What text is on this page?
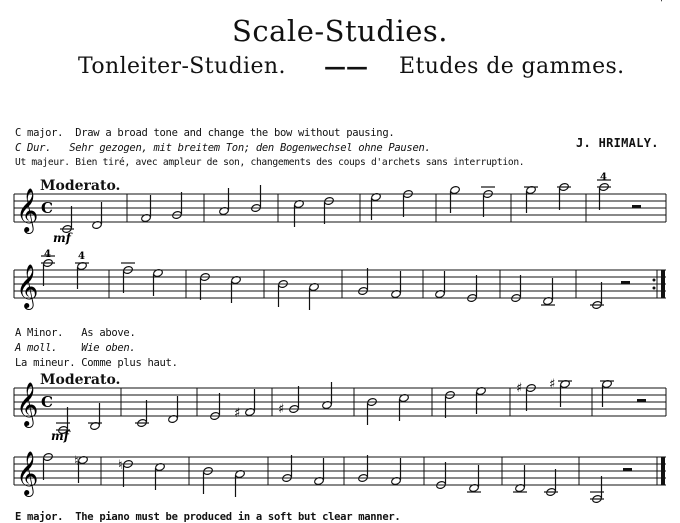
Scale-Studies.
Tonleiter-Studien. —— Etudes de gammes.
C major. Draw a broad tone and change the bow without pausing.
C Dur. Sehr gezogen, mit breitem Ton; den Bogenwechsel ohne Pausen.
Ut majeur. Bien tiré, avec ampleur de son, changements des coups d'archets sans interruption.
J. HRIMALY.
Moderato.
A Minor. As above.
A moll. Wie oben.
La mineur. Comme plus haut.
Moderato.
E major. The piano must be produced in a soft but clear manner.
𝄞 C
4
mf
𝄞
4	4
𝄞 C
♯	♯
♯ ♯
mf
𝄞	♮	♮
'
